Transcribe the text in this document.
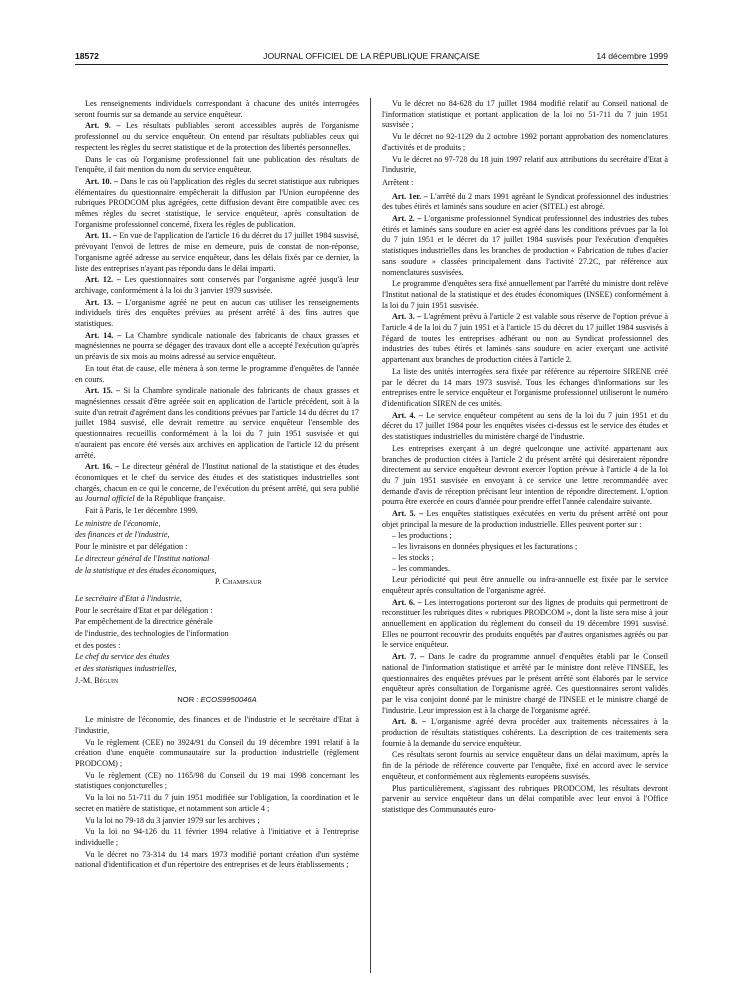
18572	JOURNAL OFFICIEL DE LA RÉPUBLIQUE FRANÇAISE	14 décembre 1999

Les renseignements individuels correspondant à chacune des unités interrogées seront fournis sur sa demande au service enquêteur.

Art. 9. – Les résultats publiables seront accessibles auprès de l'organisme professionnel ou du service enquêteur. On entend par résultats publiables ceux qui respectent les règles du secret statistique et de la protection des libertés personnelles.

Dans le cas où l'organisme professionnel fait une publication des résultats de l'enquête, il fait mention du nom du service enquêteur.

Art. 10. – Dans le cas où l'application des règles du secret statistique aux rubriques élémentaires du questionnaire empêcherait la diffusion par l'Union européenne des rubriques PRODCOM plus agrégées, cette diffusion devant être compatible avec ces mêmes règles du secret statistique, le service enquêteur, après consultation de l'organisme professionnel concerné, fixera les règles de publication.

Art. 11. – En vue de l'application de l'article 16 du décret du 17 juillet 1984 susvisé, prévoyant l'envoi de lettres de mise en demeure, puis de constat de non-réponse, l'organisme agréé adresse au service enquêteur, dans les délais fixés par ce dernier, la liste des entreprises n'ayant pas répondu dans le délai imparti.

Art. 12. – Les questionnaires sont conservés par l'organisme agréé jusqu'à leur archivage, conformément à la loi du 3 janvier 1979 susvisée.

Art. 13. – L'organisme agréé ne peut en aucun cas utiliser les renseignements individuels tirés des enquêtes prévues au présent arrêté à des fins autres que statistiques.

Art. 14. – La Chambre syndicale nationale des fabricants de chaux grasses et magnésiennes ne pourra se dégager des travaux dont elle a accepté l'exécution qu'après un préavis de six mois au moins adressé au service enquêteur.

En tout état de cause, elle mènera à son terme le programme d'enquêtes de l'année en cours.

Art. 15. – Si la Chambre syndicale nationale des fabricants de chaux grasses et magnésiennes cessait d'être agréée soit en application de l'article précédent, soit à la suite d'un retrait d'agrément dans les conditions prévues par l'article 14 du décret du 17 juillet 1984 susvisé, elle devrait remettre au service enquêteur l'ensemble des questionnaires recueillis conformément à la loi du 7 juin 1951 susvisée et qui n'auraient pas encore été versés aux archives en application de l'article 12 du présent arrêté.

Art. 16. – Le directeur général de l'Institut national de la statistique et des études économiques et le chef du service des études et des statistiques industrielles sont chargés, chacun en ce qui le concerne, de l'exécution du présent arrêté, qui sera publié au Journal officiel de la République française.

Fait à Paris, le 1er décembre 1999.

Le ministre de l'économie,

des finances et de l'industrie,

Pour le ministre et par délégation :

Le directeur général de l'Institut national

de la statistique et des études économiques,

P. Champsaur

Le secrétaire d'Etat à l'industrie,

Pour le secrétaire d'Etat et par délégation :

Par empêchement de la directrice générale

de l'industrie, des technologies de l'information

et des postes :

Le chef du service des études

et des statistiques industrielles,

J.-M. Béguin

NOR : ECOS9950046A

Le ministre de l'économie, des finances et de l'industrie et le secrétaire d'Etat à l'industrie,

Vu le règlement (CEE) no 3924/91 du Conseil du 19 décembre 1991 relatif à la création d'une enquête communautaire sur la production industrielle (règlement PRODCOM) ;

Vu le règlement (CE) no 1165/98 du Conseil du 19 mai 1998 concernant les statistiques conjoncturelles ;

Vu la loi no 51-711 du 7 juin 1951 modifiée sur l'obligation, la coordination et le secret en matière de statistique, et notamment son article 4 ;

Vu la loi no 79-18 du 3 janvier 1979 sur les archives ;

Vu la loi no 94-126 du 11 février 1994 relative à l'initiative et à l'entreprise individuelle ;

Vu le décret no 73-314 du 14 mars 1973 modifié portant création d'un système national d'identification et d'un répertoire des entreprises et de leurs établissements ;

Vu le décret no 84-628 du 17 juillet 1984 modifié relatif au Conseil national de l'information statistique et portant application de la loi no 51-711 du 7 juin 1951 susvisée ;

Vu le décret no 92-1129 du 2 octobre 1992 portant approbation des nomenclatures d'activités et de produits ;

Vu le décret no 97-728 du 18 juin 1997 relatif aux attributions du secrétaire d'Etat à l'industrie,

Arrêtent :

Art. 1er. – L'arrêté du 2 mars 1991 agréant le Syndicat professionnel des industries des tubes étirés et laminés sans soudure en acier (SITEL) est abrogé.

Art. 2. – L'organisme professionnel Syndicat professionnel des industries des tubes étirés et laminés sans soudure en acier est agréé dans les conditions prévues par la loi du 7 juin 1951 et le décret du 17 juillet 1984 susvisés pour l'exécution d'enquêtes statistiques industrielles dans les branches de production « Fabrication de tubes d'acier sans soudure » classées principalement dans l'activité 27.2C, par référence aux nomenclatures susvisées.

Le programme d'enquêtes sera fixé annuellement par l'arrêté du ministre dont relève l'Institut national de la statistique et des études économiques (INSEE) conformément à la loi du 7 juin 1951 susvisée.

Art. 3. – L'agrément prévu à l'article 2 est valable sous réserve de l'option prévue à l'article 4 de la loi du 7 juin 1951 et à l'article 15 du décret du 17 juillet 1984 susvisés à l'égard de toutes les entreprises adhérant ou non au Syndicat professionnel des industries des tubes étirés et laminés sans soudure en acier exerçant une activité appartenant aux branches de production citées à l'article 2.

La liste des unités interrogées sera fixée par référence au répertoire SIRENE créé par le décret du 14 mars 1973 susvisé. Tous les échanges d'informations sur les entreprises entre le service enquêteur et l'organisme professionnel utiliseront le numéro d'identification SIREN de ces unités.

Art. 4. – Le service enquêteur compétent au sens de la loi du 7 juin 1951 et du décret du 17 juillet 1984 pour les enquêtes visées ci-dessus est le service des études et des statistiques industrielles du ministère chargé de l'industrie.

Les entreprises exerçant à un degré quelconque une activité appartenant aux branches de production citées à l'article 2 du présent arrêté qui désireraient répondre directement au service enquêteur devront exercer l'option prévue à l'article 4 de la loi du 7 juin 1951 susvisée en envoyant à ce service une lettre recommandée avec demande d'avis de réception précisant leur intention de répondre directement. L'option pourra être exercée en cours d'année pour prendre effet l'année calendaire suivante.

Art. 5. – Les enquêtes statistiques exécutées en vertu du présent arrêté ont pour objet principal la mesure de la production industrielle. Elles peuvent porter sur :

– les productions ;
– les livraisons en données physiques et les facturations ;
– les stocks ;
– les commandes.

Leur périodicité qui peut être annuelle ou infra-annuelle est fixée par le service enquêteur après consultation de l'organisme agréé.

Art. 6. – Les interrogations porteront sur des lignes de produits qui permettront de reconstituer les rubriques dites « rubriques PRODCOM », dont la liste sera mise à jour annuellement en application du règlement du conseil du 19 décembre 1991 susvisé. Elles ne pourront recouvrir des produits enquêtés par d'autres organismes agréés ou par le service enquêteur.

Art. 7. – Dans le cadre du programme annuel d'enquêtes établi par le Conseil national de l'information statistique et arrêté par le ministre dont relève l'INSEE, les questionnaires des enquêtes prévues par le présent arrêté sont élaborés par le service enquêteur après consultation de l'organisme agréé. Ces questionnaires seront validés par le visa conjoint donné par le ministre chargé de l'INSEE et le ministre chargé de l'industrie. Leur impression est à la charge de l'organisme agréé.

Art. 8. – L'organisme agréé devra procéder aux traitements nécessaires à la production de résultats statistiques cohérents. La description de ces traitements sera fournie à la demande du service enquêteur.

Ces résultats seront fournis au service enquêteur dans un délai maximum, après la fin de la période de référence couverte par l'enquête, fixé en accord avec le service enquêteur, et conformément aux règlements européens susvisés.

Plus particulièrement, s'agissant des rubriques PRODCOM, les résultats devront parvenir au service enquêteur dans un délai compatible avec leur envoi à l'Office statistique des Communautés euro-
